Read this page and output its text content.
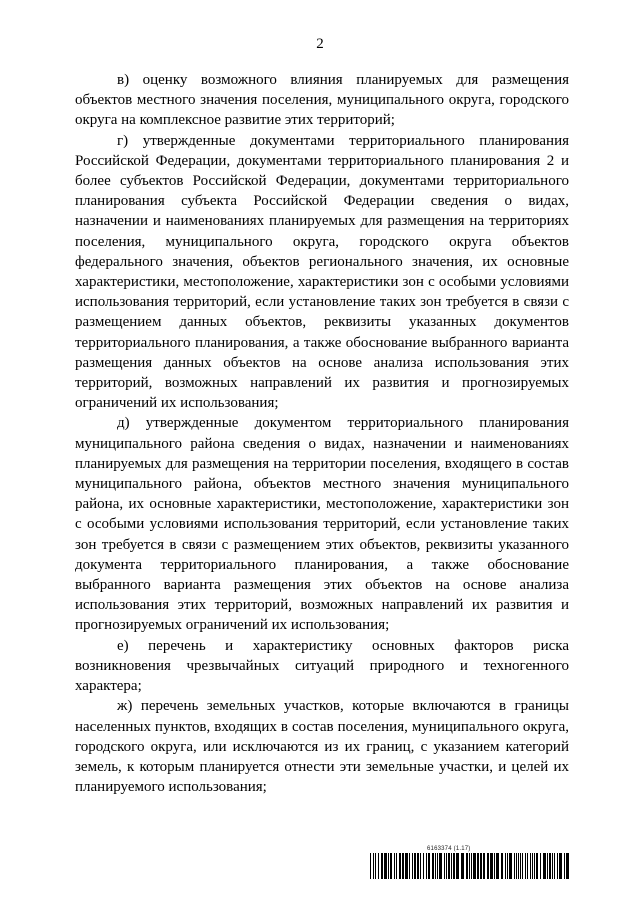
2

в) оценку возможного влияния планируемых для размещения объектов местного значения поселения, муниципального округа, городского округа на комплексное развитие этих территорий;

г) утвержденные документами территориального планирования Российской Федерации, документами территориального планирования 2 и более субъектов Российской Федерации, документами территориального планирования субъекта Российской Федерации сведения о видах, назначении и наименованиях планируемых для размещения на территориях поселения, муниципального округа, городского округа объектов федерального значения, объектов регионального значения, их основные характеристики, местоположение, характеристики зон с особыми условиями использования территорий, если установление таких зон требуется в связи с размещением данных объектов, реквизиты указанных документов территориального планирования, а также обоснование выбранного варианта размещения данных объектов на основе анализа использования этих территорий, возможных направлений их развития и прогнозируемых ограничений их использования;

д) утвержденные документом территориального планирования муниципального района сведения о видах, назначении и наименованиях планируемых для размещения на территории поселения, входящего в состав муниципального района, объектов местного значения муниципального района, их основные характеристики, местоположение, характеристики зон с особыми условиями использования территорий, если установление таких зон требуется в связи с размещением этих объектов, реквизиты указанного документа территориального планирования, а также обоснование выбранного варианта размещения этих объектов на основе анализа использования этих территорий, возможных направлений их развития и прогнозируемых ограничений их использования;

е) перечень и характеристику основных факторов риска возникновения чрезвычайных ситуаций природного и техногенного характера;

ж) перечень земельных участков, которые включаются в границы населенных пунктов, входящих в состав поселения, муниципального округа, городского округа, или исключаются из их границ, с указанием категорий земель, к которым планируется отнести эти земельные участки, и целей их планируемого использования;

6163374 (1.17)
